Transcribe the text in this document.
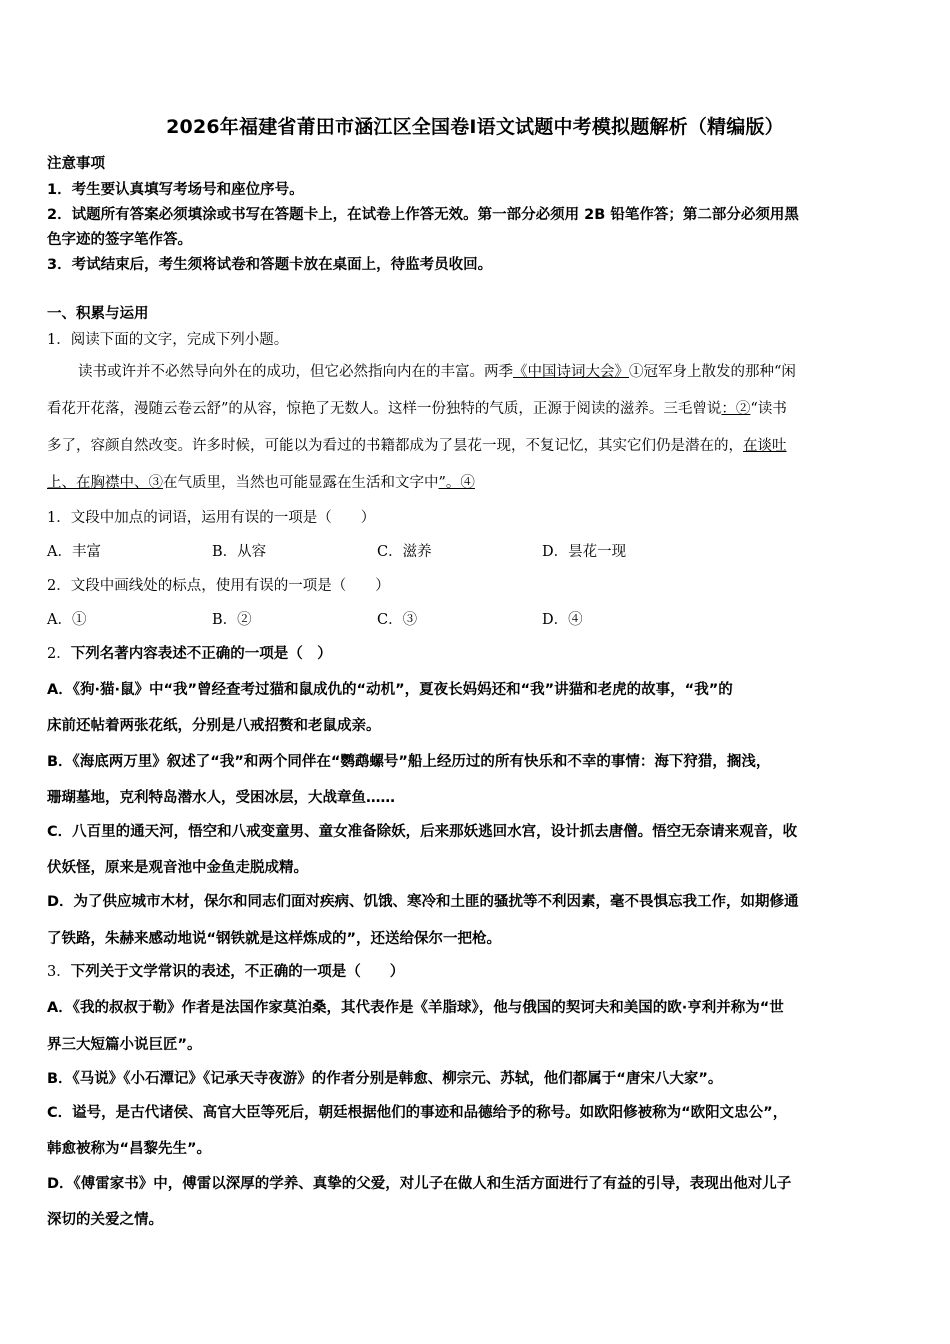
2026年福建省莆田市涵江区全国卷Ⅰ语文试题中考模拟题解析（精编版）
注意事项
1．考生要认真填写考场号和座位序号。
2．试题所有答案必须填涂或书写在答题卡上，在试卷上作答无效。第一部分必须用 2B 铅笔作答；第二部分必须用黑
色字迹的签字笔作答。
3．考试结束后，考生须将试卷和答题卡放在桌面上，待监考员收回。
一、积累与运用
1．阅读下面的文字，完成下列小题。
读书或许并不必然导向外在的成功，但它必然指向内在的丰富。两季《中国诗词大会》①冠军身上散发的那种“闲
看花开花落，漫随云卷云舒”的从容，惊艳了无数人。这样一份独特的气质，正源于阅读的滋养。三毛曾说：②“读书
多了，容颜自然改变。许多时候，可能以为看过的书籍都成为了昙花一现，不复记忆，其实它们仍是潜在的，在谈吐
上、在胸襟中、③在气质里，当然也可能显露在生活和文字中”。④
1．文段中加点的词语，运用有误的一项是（　　）
A．丰富	B．从容	C．滋养	D．昙花一现
2．文段中画线处的标点，使用有误的一项是（　　）
A．①	B．②	C．③	D．④
2．下列名著内容表述不正确的一项是（　）
A．《狗·猫·鼠》中“我”曾经查考过猫和鼠成仇的“动机”，夏夜长妈妈还和“我”讲猫和老虎的故事，“我”的
床前还帖着两张花纸，分别是八戒招赘和老鼠成亲。
B．《海底两万里》叙述了“我”和两个同伴在“鹦鹉螺号”船上经历过的所有快乐和不幸的事情：海下狩猎，搁浅，
珊瑚墓地，克利特岛潜水人，受困冰层，大战章鱼……
C．八百里的通天河，悟空和八戒变童男、童女准备除妖，后来那妖逃回水宫，设计抓去唐僧。悟空无奈请来观音，收
伏妖怪，原来是观音池中金鱼走脱成精。
D．为了供应城市木材，保尔和同志们面对疾病、饥饿、寒冷和土匪的骚扰等不利因素，毫不畏惧忘我工作，如期修通
了铁路，朱赫来感动地说“钢铁就是这样炼成的”，还送给保尔一把枪。
3．下列关于文学常识的表述，不正确的一项是（　　）
A．《我的叔叔于勒》作者是法国作家莫泊桑，其代表作是《羊脂球》，他与俄国的契诃夫和美国的欧·亨利并称为“世
界三大短篇小说巨匠”。
B．《马说》《小石潭记》《记承天寺夜游》的作者分别是韩愈、柳宗元、苏轼，他们都属于“唐宋八大家”。
C．谥号，是古代诸侯、高官大臣等死后，朝廷根据他们的事迹和品德给予的称号。如欧阳修被称为“欧阳文忠公”，
韩愈被称为“昌黎先生”。
D．《傅雷家书》中，傅雷以深厚的学养、真挚的父爱，对儿子在做人和生活方面进行了有益的引导，表现出他对儿子
深切的关爱之情。
